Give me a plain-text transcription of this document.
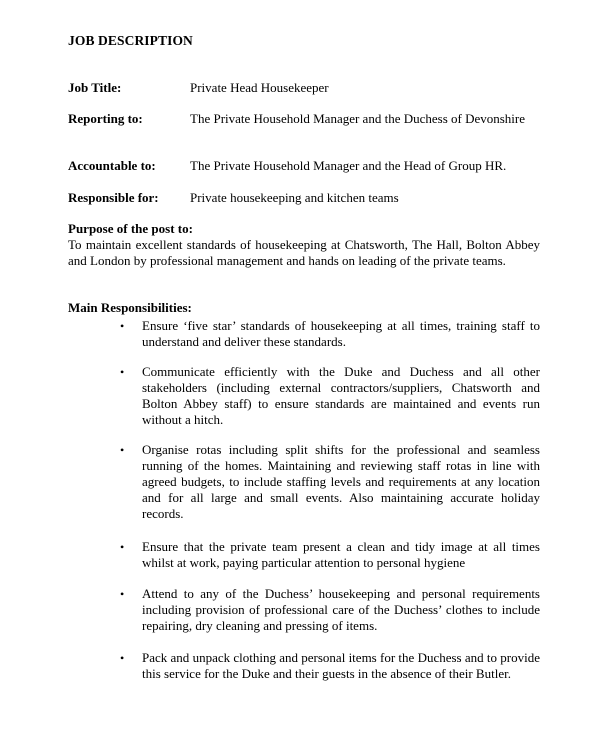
JOB DESCRIPTION
Job Title:	Private Head Housekeeper
Reporting to:	The Private Household Manager and the Duchess of Devonshire
Accountable to:	The Private Household Manager and the Head of Group HR.
Responsible for: Private housekeeping and kitchen teams
Purpose of the post to:
To maintain excellent standards of housekeeping at Chatsworth, The Hall, Bolton Abbey and London by professional management and hands on leading of the private teams.
Main Responsibilities:
• Ensure ‘five star’ standards of housekeeping at all times, training staff to understand and deliver these standards.
• Communicate efficiently with the Duke and Duchess and all other stakeholders (including external contractors/suppliers, Chatsworth and Bolton Abbey staff) to ensure standards are maintained and events run without a hitch.
• Organise rotas including split shifts for the professional and seamless running of the homes. Maintaining and reviewing staff rotas in line with agreed budgets, to include staffing levels and requirements at any location and for all large and small events. Also maintaining accurate holiday records.
• Ensure that the private team present a clean and tidy image at all times whilst at work, paying particular attention to personal hygiene
• Attend to any of the Duchess’ housekeeping and personal requirements including provision of professional care of the Duchess’ clothes to include repairing, dry cleaning and pressing of items.
• Pack and unpack clothing and personal items for the Duchess and to provide this service for the Duke and their guests in the absence of their Butler.
